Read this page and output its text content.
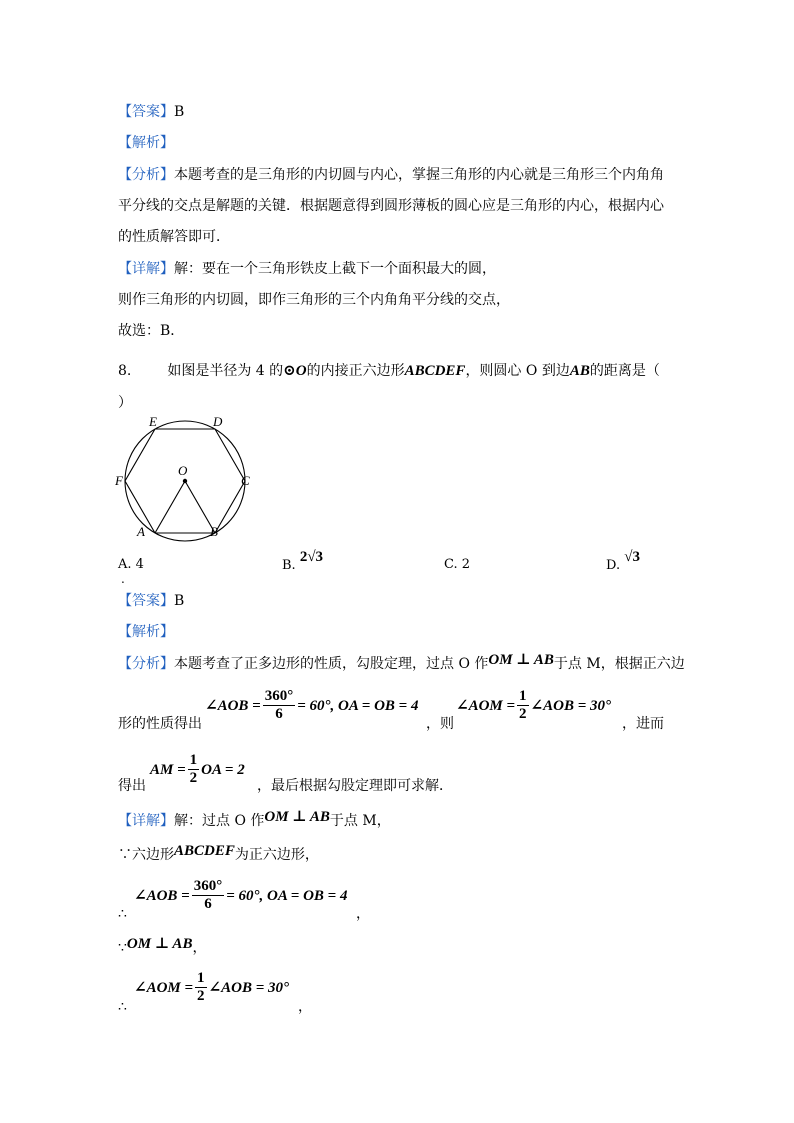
【答案】B
【解析】
【分析】本题考查的是三角形的内切圆与内心，掌握三角形的内心就是三角形三个内角角
平分线的交点是解题的关键．根据题意得到圆形薄板的圆心应是三角形的内心，根据内心
的性质解答即可．
【详解】解：要在一个三角形铁皮上截下一个面积最大的圆，
则作三角形的内切圆，即作三角形的三个内角角平分线的交点，
故选：B．
8.	如图是半径为 4 的⊙O的内接正六边形ABCDEF，则圆心 O 到边AB的距离是（
）
O
E	D
F	C
A	B
A. 4
.
B. 2√3	C. 2	D. √3
【答案】B
【解析】
【分析】本题考查了正多边形的性质，勾股定理，过点 O 作OM ⊥ AB于点 M，根据正六边
形的性质得出
∠AOB = $\frac{360^\circ}{6} = 60^\circ$, OA = OB = 4
，则
∠AOM = $\frac{1}{2}$ ∠AOB = 30°
，进而
得出
AM = $\frac{1}{2}$ OA = 2
，最后根据勾股定理即可求解．
【详解】解：过点 O 作OM ⊥ AB于点 M，
∵六边形ABCDEF为正六边形，
∴
∠AOB = $\frac{360^\circ}{6} = 60^\circ$, OA = OB = 4
，
∵OM ⊥ AB，
∴
∠AOM = $\frac{1}{2}$ ∠AOB = 30°
，
